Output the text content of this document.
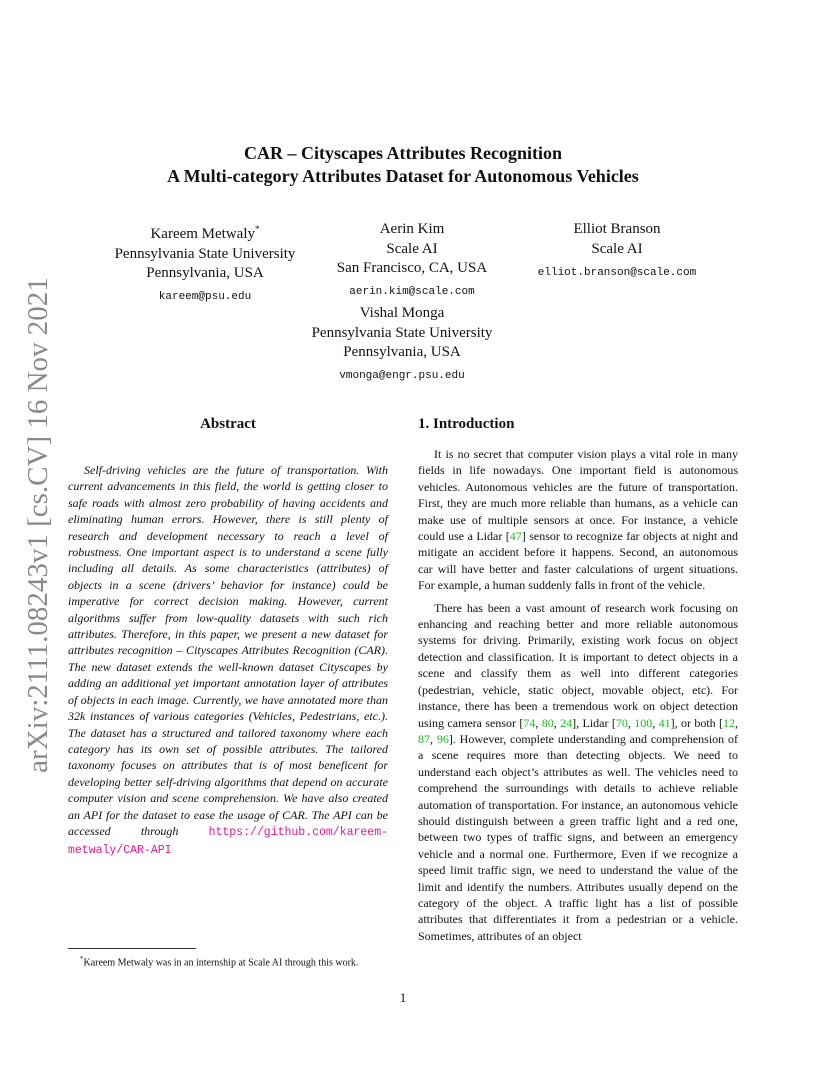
arXiv:2111.08243v1 [cs.CV] 16 Nov 2021
CAR – Cityscapes Attributes Recognition
A Multi-category Attributes Dataset for Autonomous Vehicles
Kareem Metwaly*
Pennsylvania State University
Pennsylvania, USA
kareem@psu.edu
Aerin Kim
Scale AI
San Francisco, CA, USA
aerin.kim@scale.com
Elliot Branson
Scale AI
elliot.branson@scale.com
Vishal Monga
Pennsylvania State University
Pennsylvania, USA
vmonga@engr.psu.edu
Abstract

Self-driving vehicles are the future of transportation. With current advancements in this field, the world is getting closer to safe roads with almost zero probability of having accidents and eliminating human errors. However, there is still plenty of research and development necessary to reach a level of robustness. One important aspect is to understand a scene fully including all details. As some characteristics (attributes) of objects in a scene (drivers’ behavior for instance) could be imperative for correct decision making. However, current algorithms suffer from low-quality datasets with such rich attributes. Therefore, in this paper, we present a new dataset for attributes recognition – Cityscapes Attributes Recognition (CAR). The new dataset extends the well-known dataset Cityscapes by adding an additional yet important annotation layer of attributes of objects in each image. Currently, we have annotated more than 32k instances of various categories (Vehicles, Pedestrians, etc.). The dataset has a structured and tailored taxonomy where each category has its own set of possible attributes. The tailored taxonomy focuses on attributes that is of most beneficent for developing better self-driving algorithms that depend on accurate computer vision and scene comprehension. We have also created an API for the dataset to ease the usage of CAR. The API can be accessed through	https://github.com/kareem-metwaly/CAR-API

1. Introduction

It is no secret that computer vision plays a vital role in many fields in life nowadays. One important field is autonomous vehicles. Autonomous vehicles are the future of transportation. First, they are much more reliable than humans, as a vehicle can make use of multiple sensors at once. For instance, a vehicle could use a Lidar [47] sensor to recognize far objects at night and mitigate an accident before it happens. Second, an autonomous car will have better and faster calculations of urgent situations. For example, a human suddenly falls in front of the vehicle.

There has been a vast amount of research work focusing on enhancing and reaching better and more reliable autonomous systems for driving. Primarily, existing work focus on object detection and classification. It is important to detect objects in a scene and classify them as well into different categories (pedestrian, vehicle, static object, movable object, etc). For instance, there has been a tremendous work on object detection using camera sensor [74, 80, 24], Lidar [70, 100, 41], or both [12, 87, 96]. However, complete understanding and comprehension of a scene requires more than detecting objects. We need to understand each object’s attributes as well. The vehicles need to comprehend the surroundings with details to achieve reliable automation of transportation. For instance, an autonomous vehicle should distinguish between a green traffic light and a red one, between two types of traffic signs, and between an emergency vehicle and a normal one. Furthermore, Even if we recognize a speed limit traffic sign, we need to understand the value of the limit and identify the numbers. Attributes usually depend on the category of the object. A traffic light has a list of possible attributes that differentiates it from a pedestrian or a vehicle. Sometimes, attributes of an object

*Kareem Metwaly was in an internship at Scale AI through this work.
1
